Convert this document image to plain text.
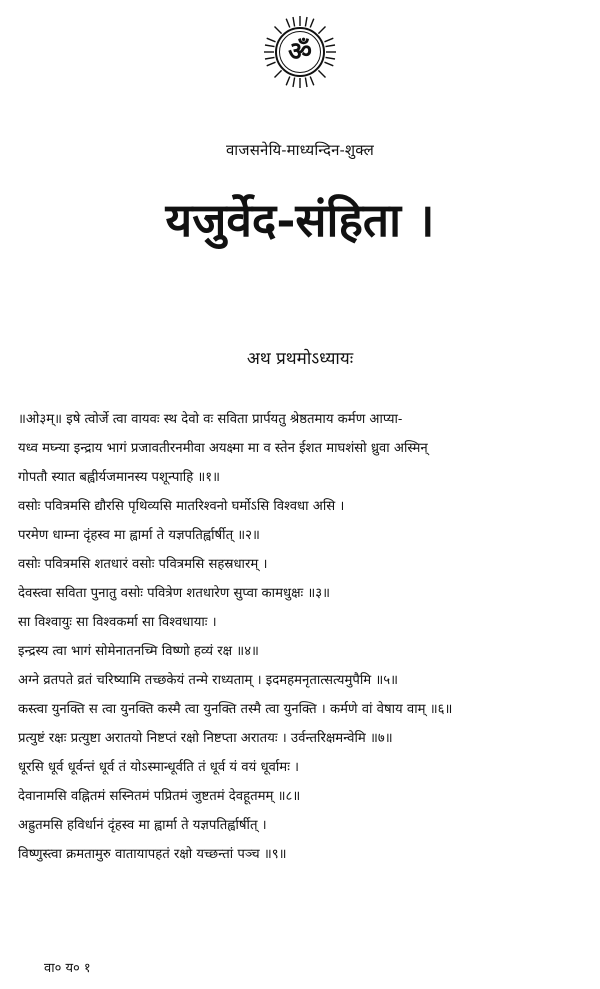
ॐ
वाजसनेयि-माध्यन्दिन-शुक्ल
यजुर्वेद-संहिता ।
अथ प्रथमोऽध्यायः
॥ओ३म्॥ इषे त्वोर्जे त्वा वायवः स्थ देवो वः सविता प्रार्पयतु श्रेष्ठतमाय कर्मण आप्या-
यध्व मघ्न्या इन्द्राय भागं प्रजावतीरनमीवा अयक्ष्मा मा व स्तेन ईशत माघशंसो ध्रुवा अस्मिन्
गोपतौ स्यात बह्वीर्यजमानस्य पशून्पाहि ॥१॥
वसोः पवित्रमसि द्यौरसि पृथिव्यसि मातरिश्वनो घर्मोऽसि विश्वधा असि ।
परमेण धाम्ना दृंहस्व मा ह्वार्मा ते यज्ञपतिर्ह्वार्षीत् ॥२॥
वसोः पवित्रमसि शतधारं वसोः पवित्रमसि सहस्रधारम् ।
देवस्त्वा सविता पुनातु वसोः पवित्रेण शतधारेण सुप्वा कामधुक्षः ॥३॥
सा विश्वायुः सा विश्वकर्मा सा विश्वधायाः ।
इन्द्रस्य त्वा भागं सोमेनातनच्मि विष्णो हव्यं रक्ष ॥४॥
अग्ने व्रतपते व्रतं चरिष्यामि तच्छकेयं तन्मे राध्यताम् । इदमहमनृतात्सत्यमुपैमि ॥५॥
कस्त्वा युनक्ति स त्वा युनक्ति कस्मै त्वा युनक्ति तस्मै त्वा युनक्ति । कर्मणे वां वेषाय वाम् ॥६॥
प्रत्युष्टं रक्षः प्रत्युष्टा अरातयो निष्टप्तं रक्षो निष्टप्ता अरातयः । उर्वन्तरिक्षमन्वेमि ॥७॥
धूरसि धूर्व धूर्वन्तं धूर्व तं योऽस्मान्धूर्वति तं धूर्व यं वयं धूर्वामः ।
देवानामसि वह्नितमं सस्नितमं पप्रितमं जुष्टतमं देवहूतमम् ॥८॥
अह्रुतमसि हविर्धानं दृंहस्व मा ह्वार्मा ते यज्ञपतिर्ह्वार्षीत् ।
विष्णुस्त्वा क्रमतामुरु वातायापहतं रक्षो यच्छन्तां पञ्च ॥९॥
वा० य० १
